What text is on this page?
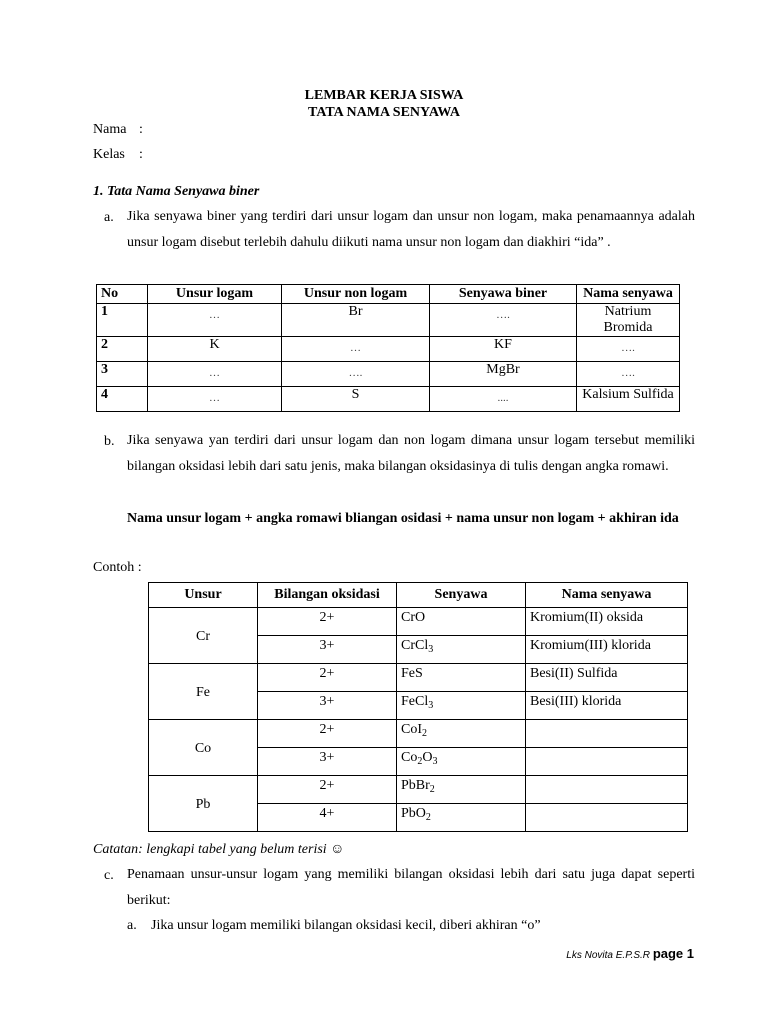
LEMBAR KERJA SISWA
TATA NAMA SENYAWA
Nama :
Kelas :
1. Tata Nama Senyawa biner
a. Jika senyawa biner yang terdiri dari unsur logam dan unsur non logam, maka penamaannya adalah unsur logam disebut terlebih dahulu diikuti nama unsur non logam dan diakhiri “ida” .
No	Unsur logam	Unsur non logam	Senyawa biner	Nama senyawa
1	…	Br	….	Natrium Bromida
2	K	…	KF	….
3	…	….	MgBr	….
4	…	S	....	Kalsium Sulfida
b. Jika senyawa yan terdiri dari unsur logam dan non logam dimana unsur logam tersebut memiliki bilangan oksidasi lebih dari satu jenis, maka bilangan oksidasinya di tulis dengan angka romawi.
Nama unsur logam + angka romawi bliangan osidasi + nama unsur non logam + akhiran ida
Contoh :
Unsur	Bilangan oksidasi	Senyawa	Nama senyawa
Cr	2+	CrO	Kromium(II) oksida
	3+	CrCl$_3$	Kromium(III) klorida
Fe	2+	FeS	Besi(II) Sulfida
	3+	FeCl$_3$	Besi(III) klorida
Co	2+	CoI$_2$	
	3+	$Co_2O_3$	
Pb	2+	PbBr$_2$	
	4+	PbO$_2$	
Catatan: lengkapi tabel yang belum terisi ☺
c. Penamaan unsur-unsur logam yang memiliki bilangan oksidasi lebih dari satu juga dapat seperti berikut:
a. Jika unsur logam memiliki bilangan oksidasi kecil, diberi akhiran “o”
Lks Novita E.P.S.R page 1
